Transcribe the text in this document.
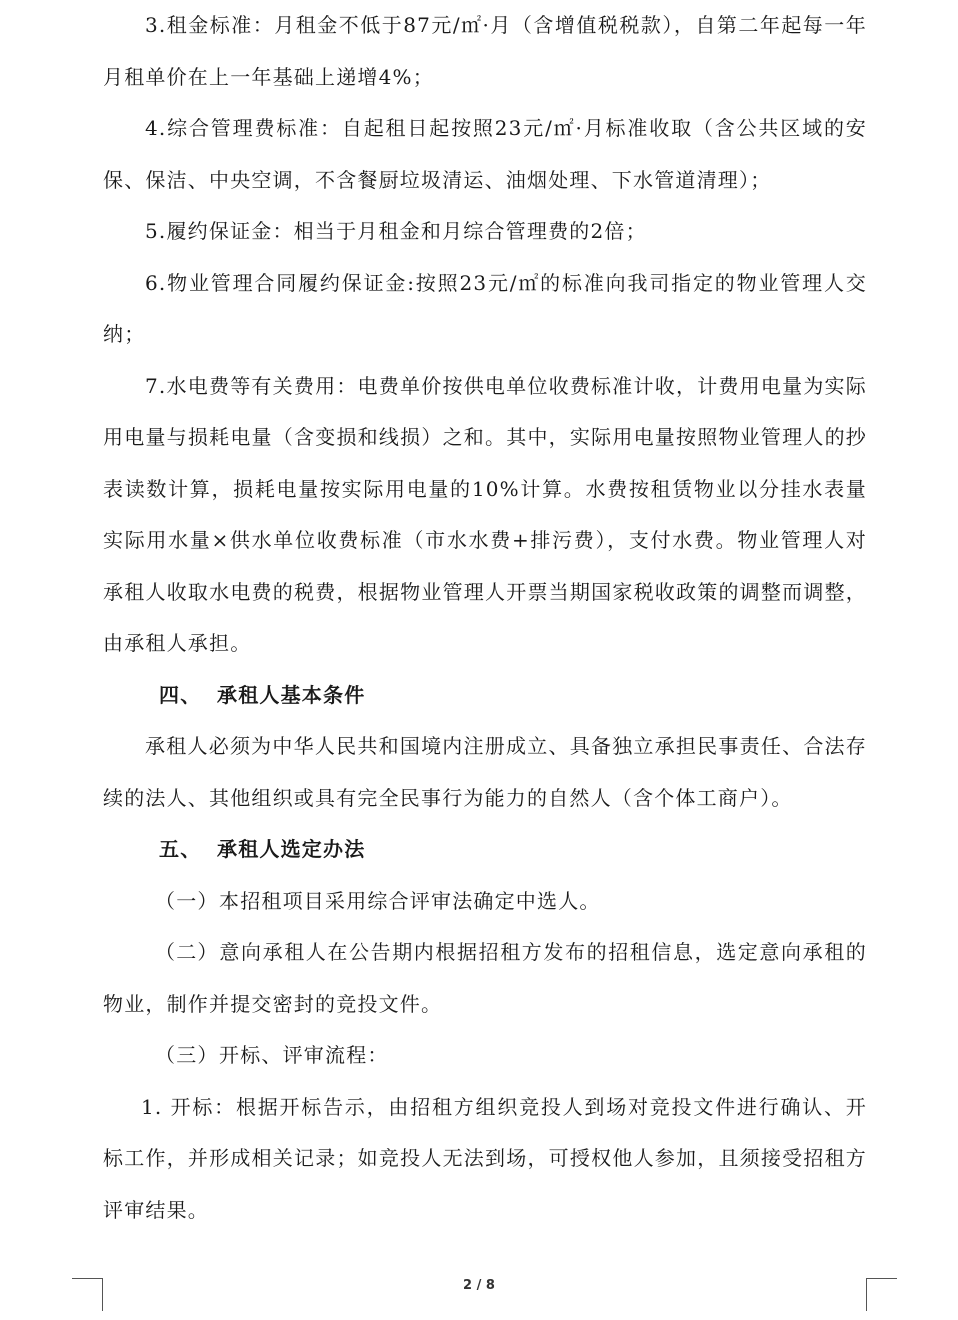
3.租金标准：月租金不低于87元/㎡·月（含增值税税款），自第二年起每一年月租单价在上一年基础上递增4%；

4.综合管理费标准：自起租日起按照23元/㎡·月标准收取（含公共区域的安保、保洁、中央空调，不含餐厨垃圾清运、油烟处理、下水管道清理）；

5.履约保证金：相当于月租金和月综合管理费的2倍；

6.物业管理合同履约保证金:按照23元/㎡的标准向我司指定的物业管理人交纳；

7.水电费等有关费用：电费单价按供电单位收费标准计收，计费用电量为实际用电量与损耗电量（含变损和线损）之和。其中，实际用电量按照物业管理人的抄表读数计算，损耗电量按实际用电量的10%计算。水费按租赁物业以分挂水表量实际用水量×供水单位收费标准（市水水费+排污费），支付水费。物业管理人对承租人收取水电费的税费，根据物业管理人开票当期国家税收政策的调整而调整，由承租人承担。

四、 承租人基本条件

承租人必须为中华人民共和国境内注册成立、具备独立承担民事责任、合法存续的法人、其他组织或具有完全民事行为能力的自然人（含个体工商户）。

五、 承租人选定办法

（一）本招租项目采用综合评审法确定中选人。

（二）意向承租人在公告期内根据招租方发布的招租信息，选定意向承租的物业，制作并提交密封的竞投文件。

（三）开标、评审流程：

1. 开标：根据开标告示，由招租方组织竞投人到场对竞投文件进行确认、开标工作，并形成相关记录；如竞投人无法到场，可授权他人参加，且须接受招租方评审结果。

2 / 8
